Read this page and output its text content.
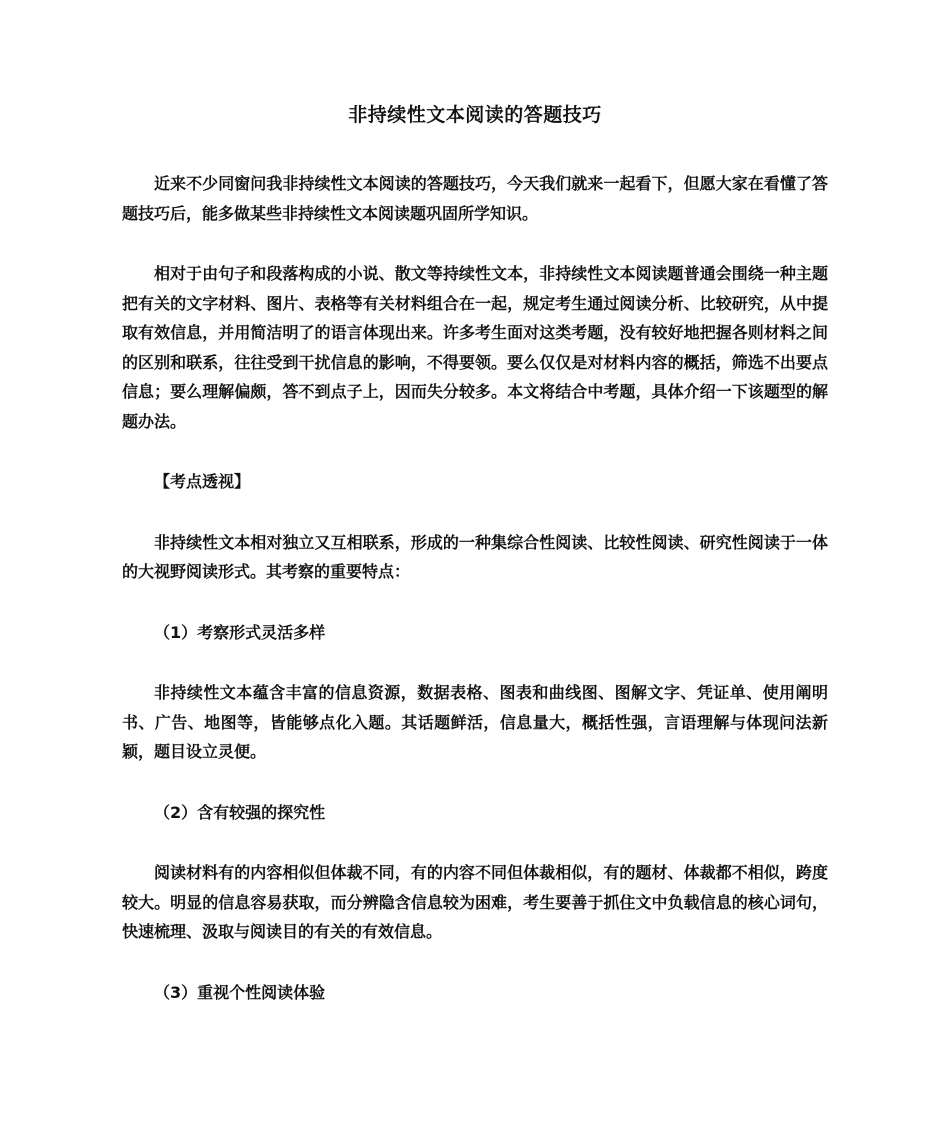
非持续性文本阅读的答题技巧

近来不少同窗问我非持续性文本阅读的答题技巧，今天我们就来一起看下，但愿大家在看懂了答题技巧后，能多做某些非持续性文本阅读题巩固所学知识。

相对于由句子和段落构成的小说、散文等持续性文本，非持续性文本阅读题普通会围绕一种主题把有关的文字材料、图片、表格等有关材料组合在一起，规定考生通过阅读分析、比较研究，从中提取有效信息，并用简洁明了的语言体现出来。许多考生面对这类考题，没有较好地把握各则材料之间的区别和联系，往往受到干扰信息的影响，不得要领。要么仅仅是对材料内容的概括，筛选不出要点信息；要么理解偏颇，答不到点子上，因而失分较多。本文将结合中考题，具体介绍一下该题型的解题办法。

【考点透视】

非持续性文本相对独立又互相联系，形成的一种集综合性阅读、比较性阅读、研究性阅读于一体的大视野阅读形式。其考察的重要特点：

（1）考察形式灵活多样

非持续性文本蕴含丰富的信息资源，数据表格、图表和曲线图、图解文字、凭证单、使用阐明书、广告、地图等，皆能够点化入题。其话题鲜活，信息量大，概括性强，言语理解与体现问法新颖，题目设立灵便。

（2）含有较强的探究性

阅读材料有的内容相似但体裁不同，有的内容不同但体裁相似，有的题材、体裁都不相似，跨度较大。明显的信息容易获取，而分辨隐含信息较为困难，考生要善于抓住文中负载信息的核心词句，快速梳理、汲取与阅读目的有关的有效信息。

（3）重视个性阅读体验
